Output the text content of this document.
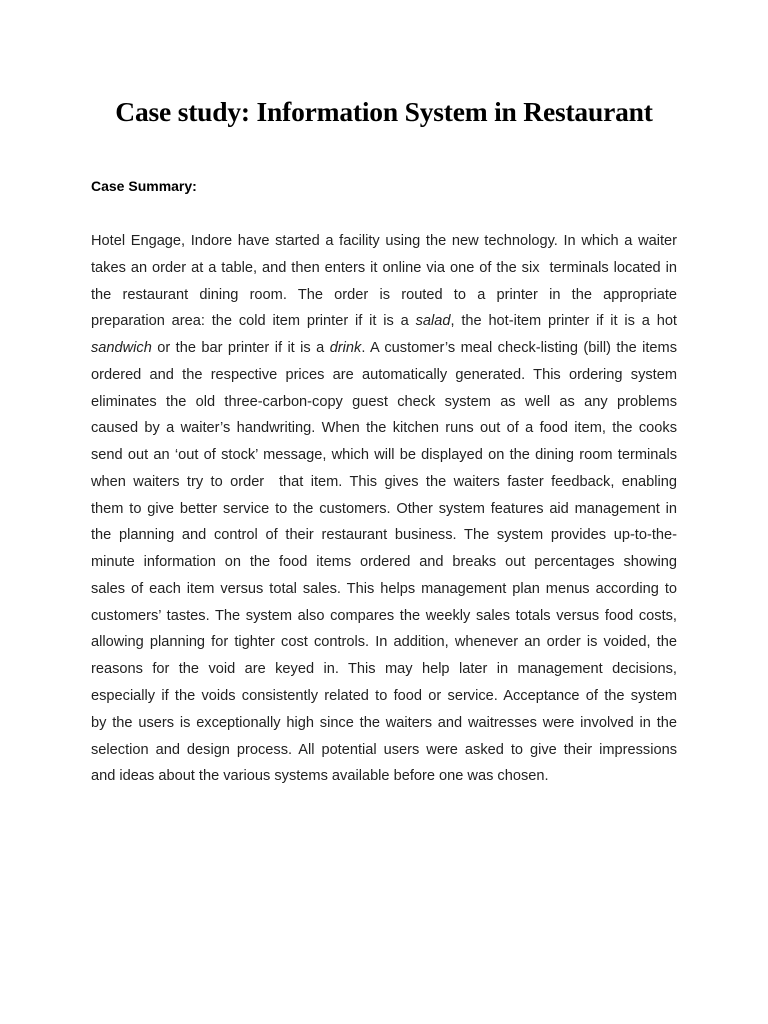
Case study: Information System in Restaurant
Case Summary:
Hotel Engage, Indore have started a facility using the new technology. In which a waiter
takes an order at a table, and then enters it online via one of the six  terminals located in
the restaurant dining room. The order is routed to a printer in the appropriate
preparation area: the cold item printer if it is a salad, the hot-item printer if it is a hot
sandwich or the bar printer if it is a drink. A customer’s meal check-listing (bill) the items
ordered and the respective prices are automatically generated. This ordering system
eliminates the old three-carbon-copy guest check system as well as any problems
caused by a waiter’s handwriting. When the kitchen runs out of a food item, the cooks
send out an ‘out of stock’ message, which will be displayed on the dining room terminals
when waiters try to order  that item. This gives the waiters faster feedback, enabling
them to give better service to the customers. Other system features aid management in
the planning and control of their restaurant business. The system provides up-to-the-
minute information on the food items ordered and breaks out percentages showing
sales of each item versus total sales. This helps management plan menus according to
customers’ tastes. The system also compares the weekly sales totals versus food costs,
allowing planning for tighter cost controls. In addition, whenever an order is voided, the
reasons for the void are keyed in. This may help later in management decisions,
especially if the voids consistently related to food or service. Acceptance of the system
by the users is exceptionally high since the waiters and waitresses were involved in the
selection and design process. All potential users were asked to give their impressions
and ideas about the various systems available before one was chosen.
